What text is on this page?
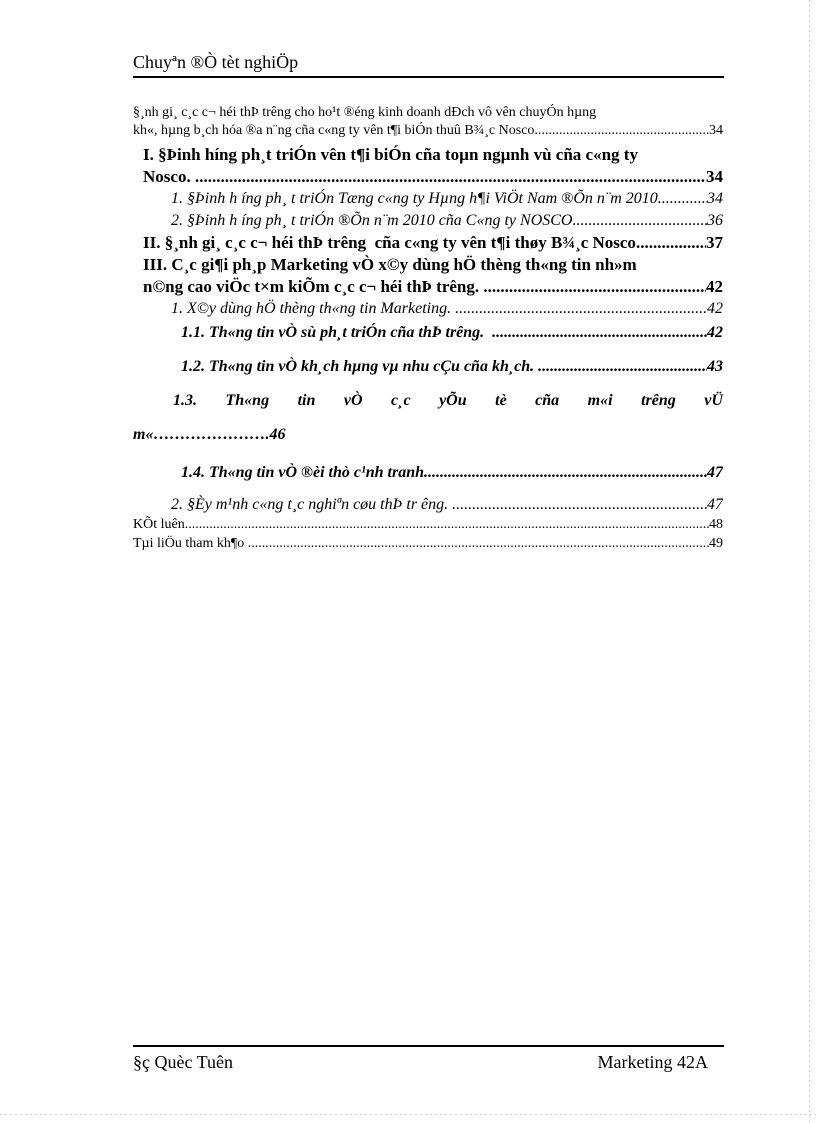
Chuyªn ®Ò tèt nghiÖp
§¸nh gi¸ c¸c c¬ héi thÞ trêng cho ho¹t ®éng kinh doanh dÐch vô vên chuyÓn hµng
kh«, hµng b¸ch hóa ®a n¨ng cña c«ng ty vên t¶i biÓn thuû B¾¸c Nosco .....	34
I. §Þinh híng ph¸t triÓn vên t¶i biÓn cña toµn ngµnh vù cña c«ng ty
Nosco. .....	34
1. §Þinh h íng ph¸ t triÓn Tæng c«ng ty Hµng h¶i ViÖt Nam ®Õn n¨m 2010 .....	34
2. §Þinh h íng ph¸ t triÓn ®Õn n¨m 2010 cña C«ng ty NOSCO .....	36
II. §¸nh gi¸ c¸c c¬ héi thÞ trêng  cña c«ng ty vên t¶i thøy B¾¸c Nosco .....	37
III. C¸c gi¶i ph¸p Marketing vÒ x©y dùng hÖ thèng th«ng tin nh»m
n©ng cao viÖc t×m kiÕm c¸c c¬ héi thÞ trêng. .....	42
1. X©y dùng hÖ thèng th«ng tin Marketing. .....	42
1.1. Th«ng tin vÒ sù ph¸t triÓn cña thÞ trêng. .....	42
1.2. Th«ng tin vÒ kh¸ch hµng vµ nhu cÇu cña kh¸ch. .....	43
1.3. Th«ng tin vÒ c¸c yÕu tè cña m«i trêng vÜ
m«………………….46
1.4. Th«ng tin vÒ ®èi thò c¹nh tranh. .....	47
2. §Èy m¹nh c«ng t¸c nghiªn cøu thÞ tr êng. .....	47
KÕt luên .....	48
Tµi liÖu tham kh¶o .....	49
§ç Quèc Tuên	Marketing 42A
